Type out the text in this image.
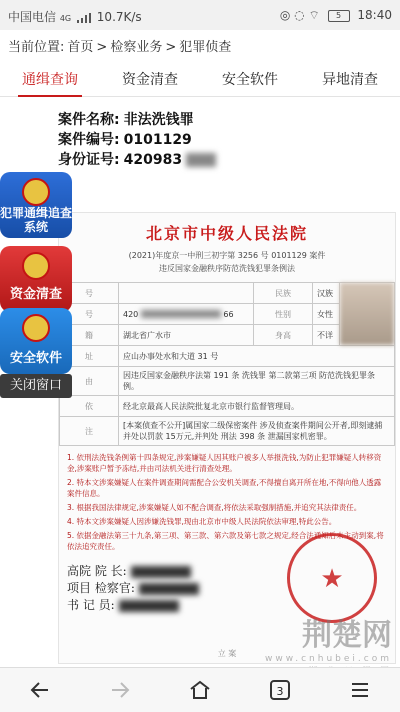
中国电信 4G 10.7K/s	◎ ◌ ⌔ 5 18:40
当前位置: 首页 > 检察业务 > 犯罪侦查
通缉查询	资金清查	安全软件	异地清查
案件名称: 非法洗钱罪
案件编号: 0101129
身份证号: 420983
北京市中级人民法院
(2021)年度京一中刑三初字第 3256 号 0101129 案件
违反国家金融秩序防范洗钱犯罪条例法
号		民族	汉族	
号	420 66	性别	女性	
籍	湖北省广水市	身高	不详	
址	应山办事处水和大道 31 号			
由	因违反国家金融秩序法第 191 条 洗钱罪 第二款第三项 防范洗钱犯罪条例。			
依	经北京最高人民法院批复北京市银行监督管理局。			
注	[本案侦查不公开]属国家二级保密案件 涉及侦查案件期间公开者,即刻逮捕并处以罚款 15万元,并判处 刑法 398 条 泄漏国家机密罪。			

1. 依刑法洗钱条例第十四条规定,涉案嫌疑人因其账户被多人举报洗钱,为防止犯罪嫌疑人转移资金,涉案账户暂予冻结,并由司法机关进行清查处理。

2. 特本文涉案嫌疑人在案件调查期间需配合公安机关调查,不得擅自离开所在地,不得向他人透露案件信息。

3. 根据我国法律规定,涉案嫌疑人如不配合调查,将依法采取强制措施,并追究其法律责任。

4. 特本文涉案嫌疑人因涉嫌洗钱罪,现由北京市中级人民法院依法审理,特此公告。

5. 依据金融法第三十九条,第三项、第三款、第六款及第七款之规定,经合法通知后未主动到案,将依法追究责任。

高院 院 长:
项目 检察官:
书 记 员:
★
立 案
犯罪通缉追查系统
资金清查
安全软件
关闭窗口
荆楚网
www.cnhubei.com
3
